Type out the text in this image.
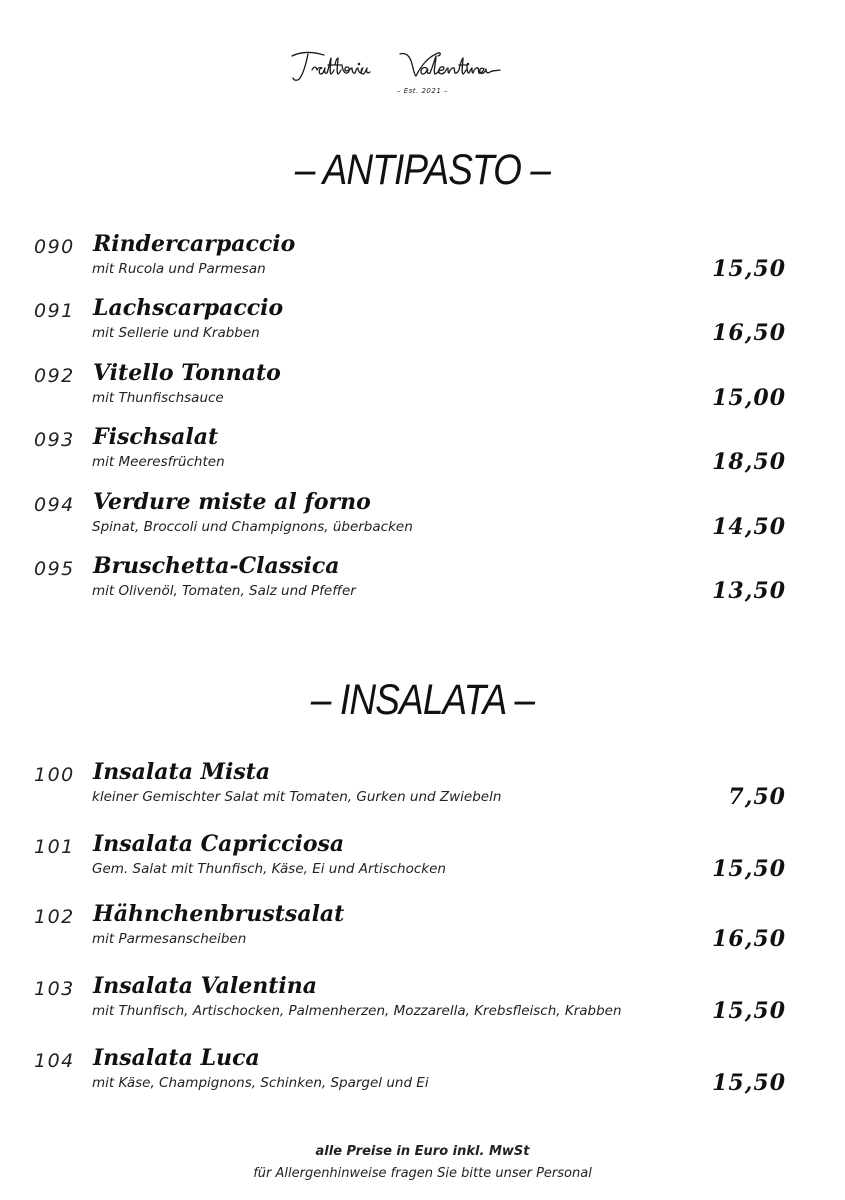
– Est. 2021 –
– ANTIPASTO –
090 Rindercarpaccio
mit Rucola und Parmesan	15,50
091 Lachscarpaccio
mit Sellerie und Krabben	16,50
092 Vitello Tonnato
mit Thunfischsauce	15,00
093 Fischsalat
mit Meeresfrüchten	18,50
094 Verdure miste al forno
Spinat, Broccoli und Champignons, überbacken	14,50
095 Bruschetta-Classica
mit Olivenöl, Tomaten, Salz und Pfeffer	13,50
– INSALATA –
100 Insalata Mista
kleiner Gemischter Salat mit Tomaten, Gurken und Zwiebeln	7,50
101 Insalata Capricciosa
Gem. Salat mit Thunfisch, Käse, Ei und Artischocken	15,50
102 Hähnchenbrustsalat
mit Parmesanscheiben	16,50
103 Insalata Valentina
mit Thunfisch, Artischocken, Palmenherzen, Mozzarella, Krebsfleisch, Krabben	15,50
104 Insalata Luca
mit Käse, Champignons, Schinken, Spargel und Ei	15,50
alle Preise in Euro inkl. MwSt
für Allergenhinweise fragen Sie bitte unser Personal
